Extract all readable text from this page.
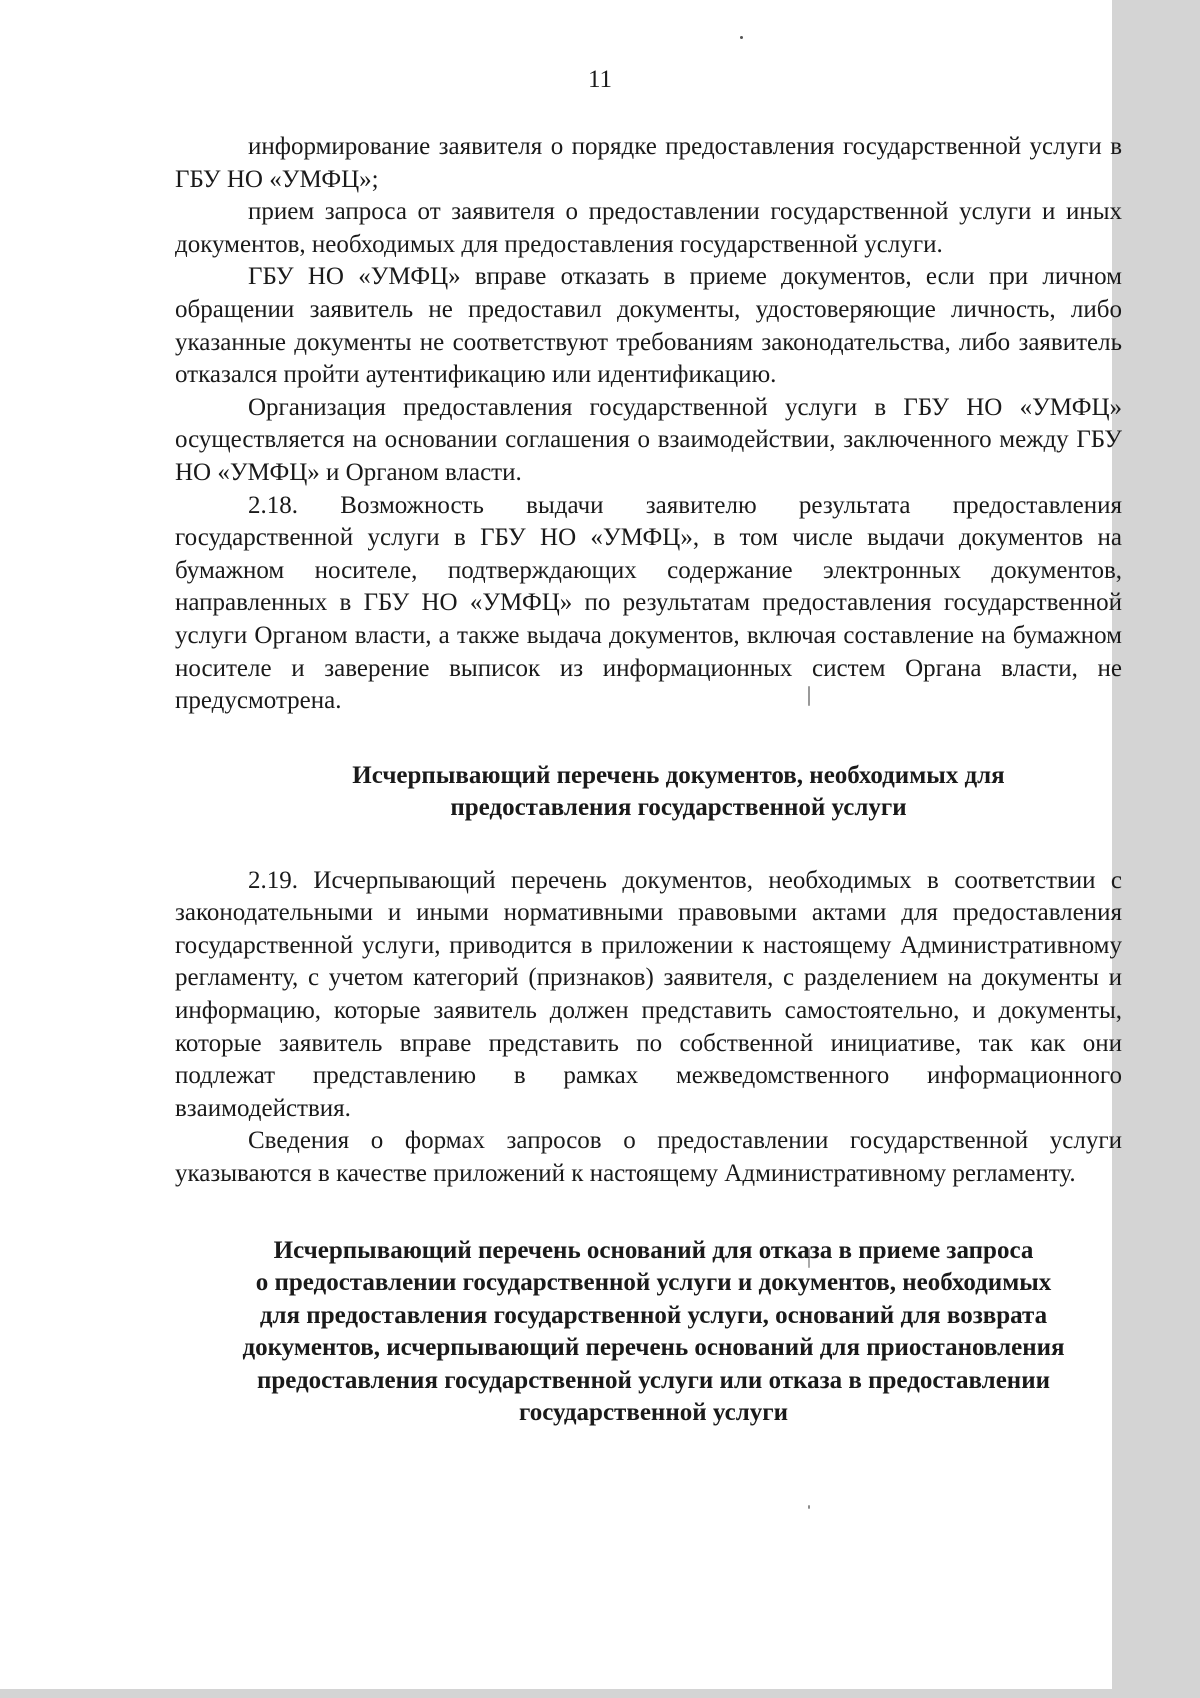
11

информирование заявителя о порядке предоставления государственной услуги в ГБУ НО «УМФЦ»;

прием запроса от заявителя о предоставлении государственной услуги и иных документов, необходимых для предоставления государственной услуги.

ГБУ НО «УМФЦ» вправе отказать в приеме документов, если при личном обращении заявитель не предоставил документы, удостоверяющие личность, либо указанные документы не соответствуют требованиям законодательства, либо заявитель отказался пройти аутентификацию или идентификацию.

Организация предоставления государственной услуги в ГБУ НО «УМФЦ» осуществляется на основании соглашения о взаимодействии, заключенного между ГБУ НО «УМФЦ» и Органом власти.

2.18. Возможность выдачи заявителю результата предоставления государственной услуги в ГБУ НО «УМФЦ», в том числе выдачи документов на бумажном носителе, подтверждающих содержание электронных документов, направленных в ГБУ НО «УМФЦ» по результатам предоставления государственной услуги Органом власти, а также выдача документов, включая составление на бумажном носителе и заверение выписок из информационных систем Органа власти, не предусмотрена.

Исчерпывающий перечень документов, необходимых для
предоставления государственной услуги

2.19. Исчерпывающий перечень документов, необходимых в соответствии с законодательными и иными нормативными правовыми актами для предоставления государственной услуги, приводится в приложении к настоящему Административному регламенту, с учетом категорий (признаков) заявителя, с разделением на документы и информацию, которые заявитель должен представить самостоятельно, и документы, которые заявитель вправе представить по собственной инициативе, так как они подлежат представлению в рамках межведомственного информационного взаимодействия.

Сведения о формах запросов о предоставлении государственной услуги указываются в качестве приложений к настоящему Административному регламенту.

Исчерпывающий перечень оснований для отказа в приеме запроса
о предоставлении государственной услуги и документов, необходимых
для предоставления государственной услуги, оснований для возврата
документов, исчерпывающий перечень оснований для приостановления
предоставления государственной услуги или отказа в предоставлении
государственной услуги
